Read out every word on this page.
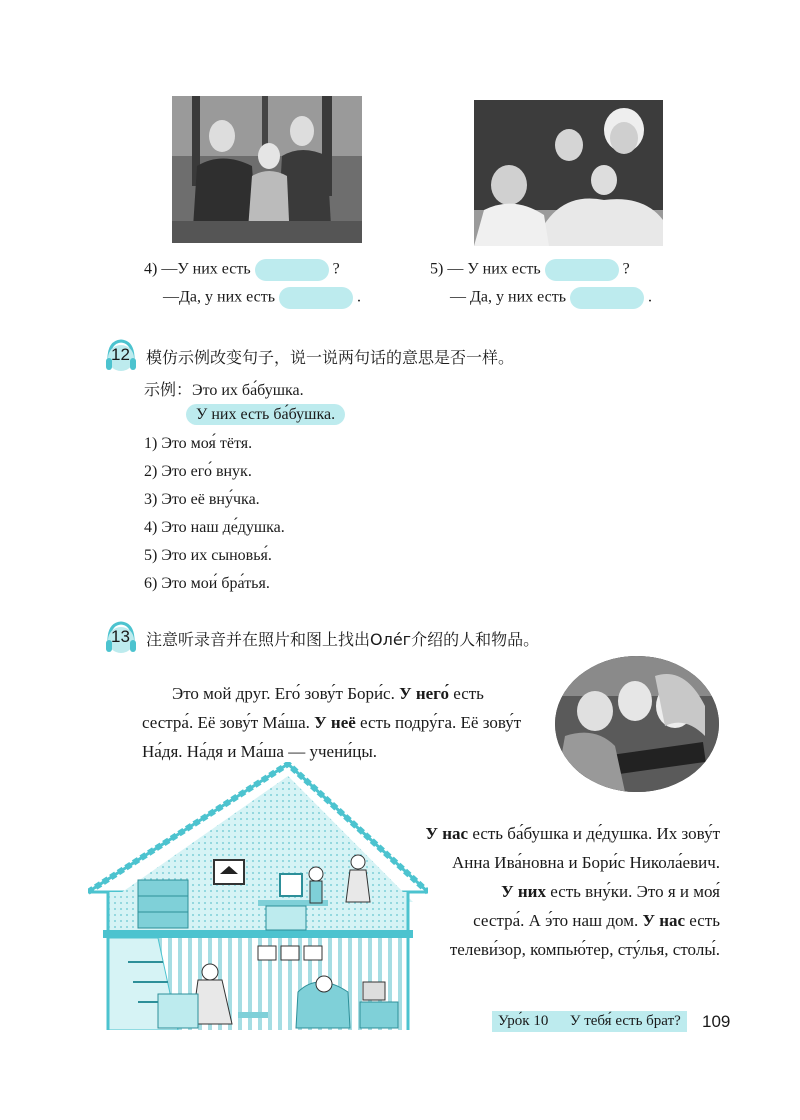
4) —У них есть	?
—Да, у них есть	.
5) — У них есть	?
— Да, у них есть	.
12 模仿示例改变句子，说一说两句话的意思是否一样。
示例：Это их ба́бушка.
У них есть ба́бушка.
1) Это моя́ тётя.
2) Это его́ внук.
3) Это её вну́чка.
4) Это наш де́душка.
5) Это их сыновья́.
6) Это мои́ бра́тья.
13 注意听录音并在照片和图上找出Оле́г介绍的人和物品。
Это мой друг. Его́ зову́т Бори́с. У него́ есть
сестра́. Её зову́т Ма́ша. У неё есть подру́га. Её зову́т
На́дя. На́дя и Ма́ша — учени́цы.
У нас есть ба́бушка и де́душка. Их зову́т
Анна Ива́новна и Бори́с Никола́евич.
У них есть вну́ки. Это я и моя́
сестра́. А э́то наш дом. У нас есть
телеви́зор, компью́тер, сту́лья, столы́.
Уро́к 10 У тебя́ есть брат?	109
